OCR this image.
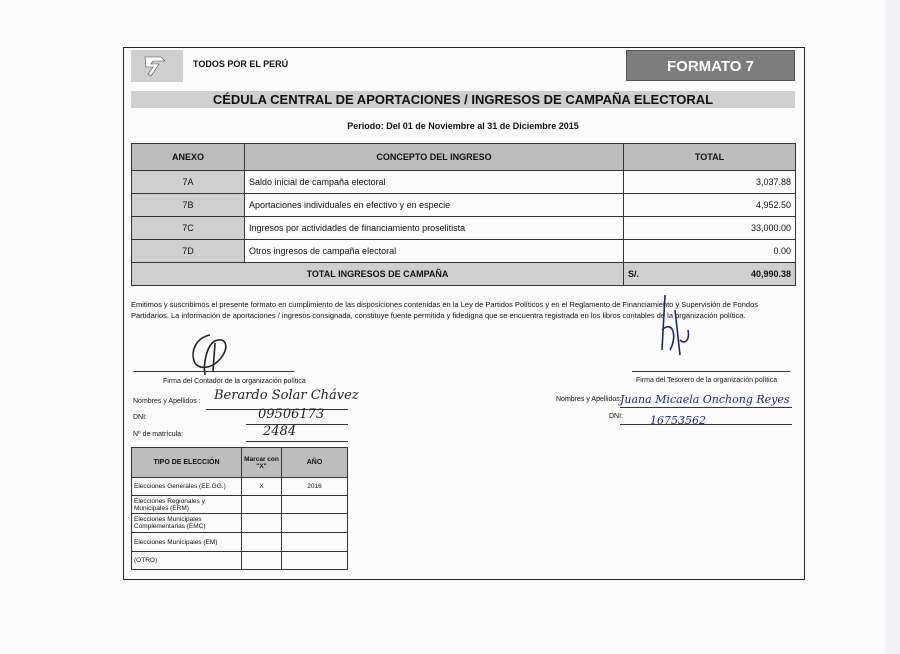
TODOS POR EL PERÚ	FORMATO 7
CÉDULA CENTRAL DE APORTACIONES / INGRESOS DE CAMPAÑA ELECTORAL
Periodo: Del 01 de Noviembre al 31 de Diciembre 2015
ANEXO	CONCEPTO DEL INGRESO	TOTAL	
7A	Saldo inicial de campaña electoral	3,037.88	
7B	Aportaciones individuales en efectivo y en especie	4,952.50	
7C	Ingresos por actividades de financiamiento proselitista	33,000.00	
7D	Otros ingresos de campaña electoral	0.00	
TOTAL INGRESOS DE CAMPAÑA		S/.	40,990.38
Emitimos y suscribimos el presente formato en cumplimiento de las disposiciones contenidas en la Ley de Partidos Políticos y en el Reglamento de Financiamiento y Supervisión de Fondos Partidarios. La información de aportaciones / ingresos consignada, constituye fuente permitida y fidedigna que se encuentra registrada en los libros contables de la organización política.
Firma del Contador de la organización política
Nombres y Apellidos : Berardo Solar Chávez
DNI:	09506173
Nº de matrícula:	2484
Firma del Tesorero de la organización política
Nombres y Apellidos:
Juana Micaela Onchong Reyes
DNI: 16753562
TIPO DE ELECCIÓN	Marcar con "X"	AÑO
Elecciones Generales (EE.GG.)	X	2016
Elecciones Regionales y Municipales (ERM)		
Elecciones Municipales Complementarias (EMC)		
Elecciones Municipales (EM)		
(OTRO)		
